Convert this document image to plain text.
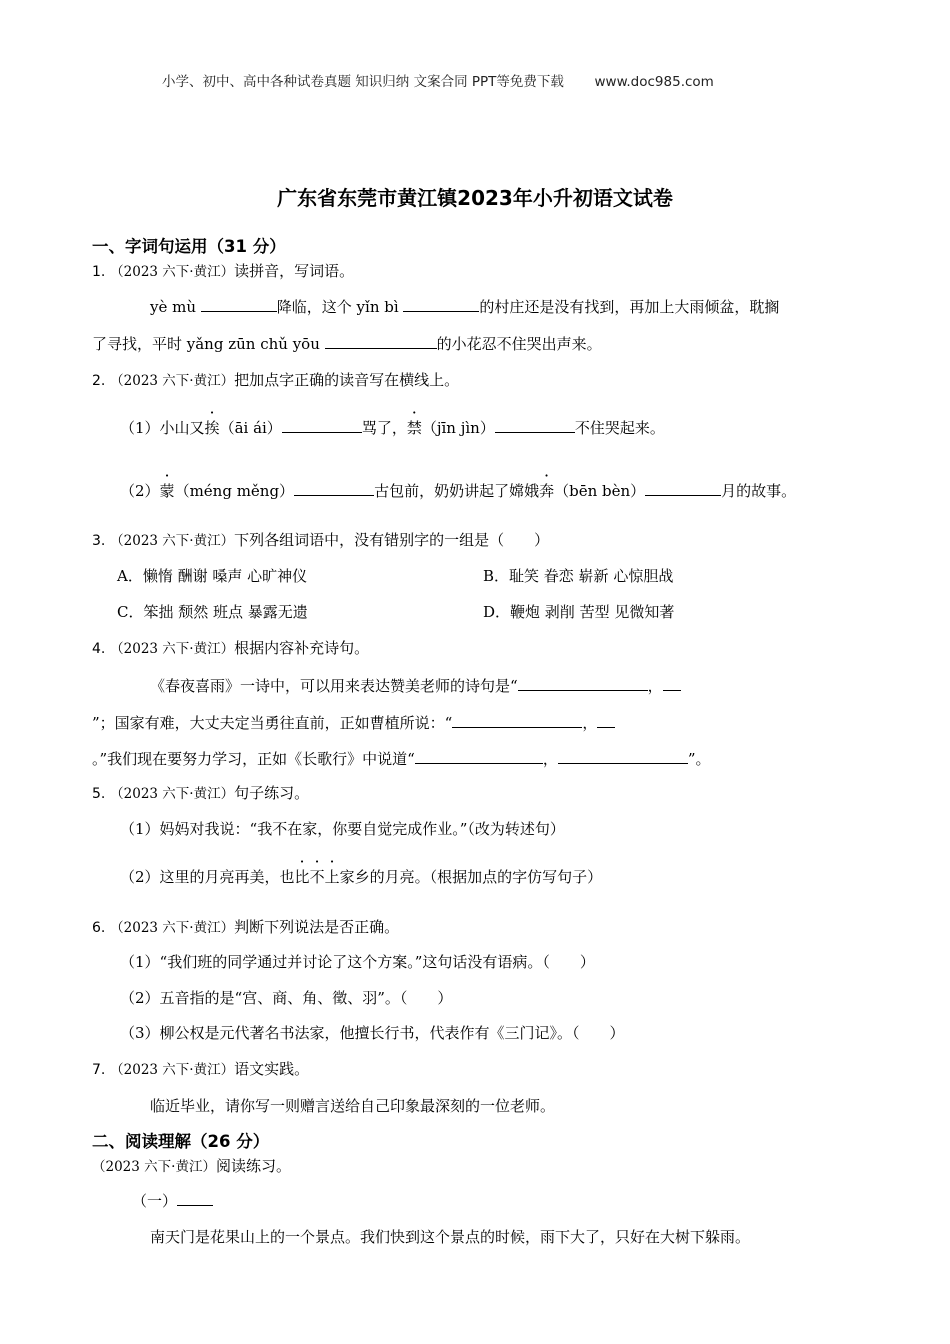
小学、初中、高中各种试卷真题 知识归纳 文案合同 PPT等免费下载 www.doc985.com
广东省东莞市黄江镇2023年小升初语文试卷
一、字词句运用（31 分）
1. （2023 六下·黄江）读拼音，写词语。
yè mù	降临，这个 yǐn bì	的村庄还是没有找到，再加上大雨倾盆，耽搁
了寻找，平时 yǎng zūn chǔ yōu	的小花忍不住哭出声来。
2. （2023 六下·黄江）把加点字正确的读音写在横线上。
（1）小山又挨（āi ái）	骂了，禁（jīn jìn）	不住哭起来。
（2）蒙（méng měng）	古包前，奶奶讲起了嫦娥奔（bēn bèn）	月的故事。
3. （2023 六下·黄江）下列各组词语中，没有错别字的一组是（　　）
A．懒惰 酬谢 嗓声 心旷神仪	B．耻笑 眷恋 崭新 心惊胆战
C．笨拙 颓然 班点 暴露无遗	D．鞭炮 剥削 苦型 见微知著
4. （2023 六下·黄江）根据内容补充诗句。
《春夜喜雨》一诗中，可以用来表达赞美老师的诗句是“	，
”；国家有难，大丈夫定当勇往直前，正如曹植所说：“	，
。”我们现在要努力学习，正如《长歌行》中说道“	，	”。
5. （2023 六下·黄江）句子练习。
（1）妈妈对我说：“我不在家，你要自觉完成作业。”（改为转述句）
（2）这里的月亮再美，也比不上家乡的月亮。（根据加点的字仿写句子）
6. （2023 六下·黄江）判断下列说法是否正确。
（1）“我们班的同学通过并讨论了这个方案。”这句话没有语病。（　　）
（2）五音指的是“宫、商、角、徵、羽”。（　　）
（3）柳公权是元代著名书法家，他擅长行书，代表作有《三门记》。（　　）
7. （2023 六下·黄江）语文实践。
临近毕业，请你写一则赠言送给自己印象最深刻的一位老师。
二、阅读理解（26 分）
（2023 六下·黄江）阅读练习。
（一）
南天门是花果山上的一个景点。我们快到这个景点的时候，雨下大了，只好在大树下躲雨。
